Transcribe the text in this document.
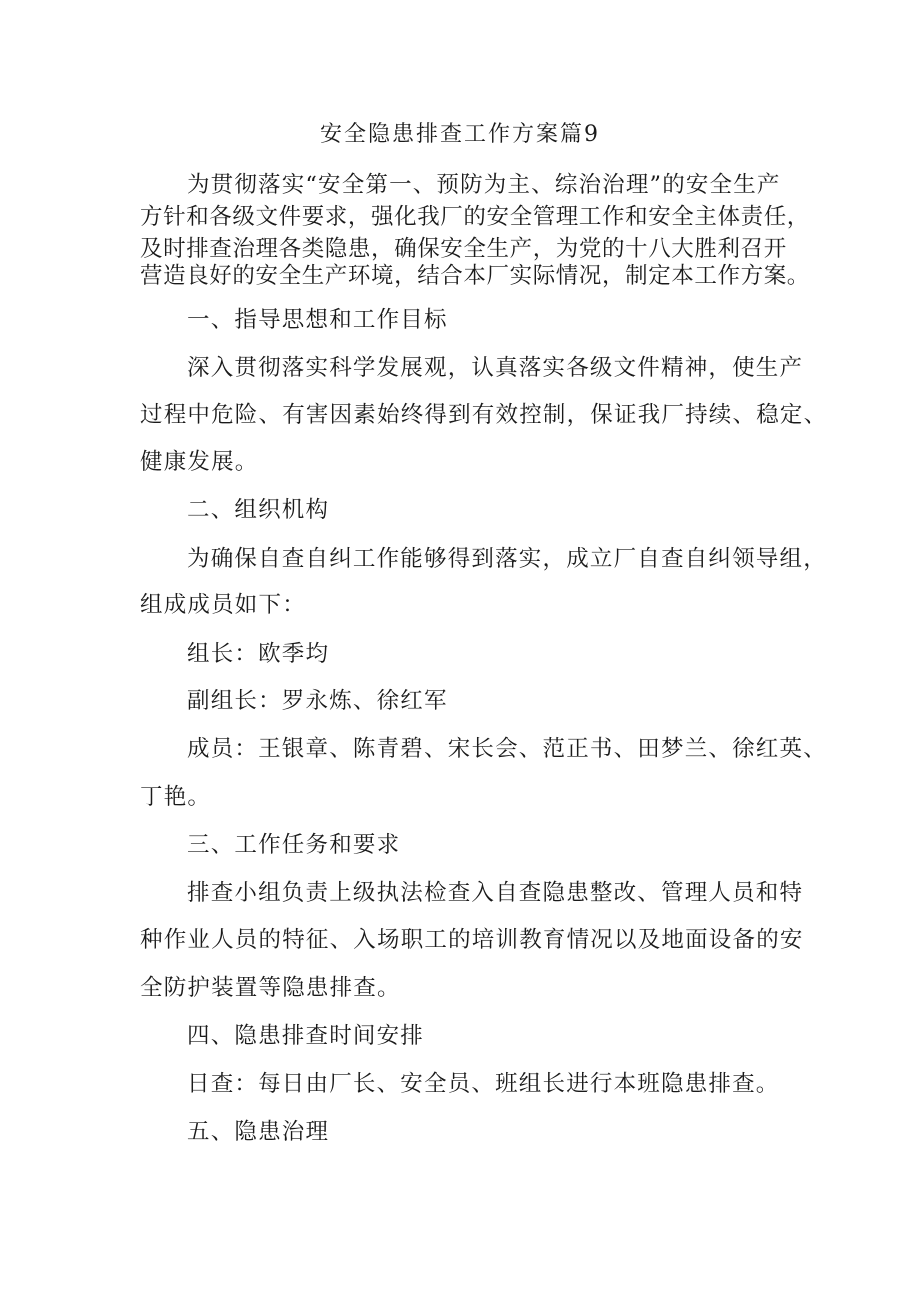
安全隐患排查工作方案篇9
为贯彻落实“安全第一、预防为主、综治治理”的安全生产
方针和各级文件要求，强化我厂的安全管理工作和安全主体责任，
及时排查治理各类隐患，确保安全生产，为党的十八大胜利召开
营造良好的安全生产环境，结合本厂实际情况，制定本工作方案。
一、指导思想和工作目标
深入贯彻落实科学发展观，认真落实各级文件精神，使生产
过程中危险、有害因素始终得到有效控制，保证我厂持续、稳定、
健康发展。
二、组织机构
为确保自查自纠工作能够得到落实，成立厂自查自纠领导组，
组成成员如下：
组长：欧季均
副组长：罗永炼、徐红军
成员：王银章、陈青碧、宋长会、范正书、田梦兰、徐红英、
丁艳。
三、工作任务和要求
排查小组负责上级执法检查入自查隐患整改、管理人员和特
种作业人员的特征、入场职工的培训教育情况以及地面设备的安
全防护装置等隐患排查。
四、隐患排查时间安排
日查：每日由厂长、安全员、班组长进行本班隐患排查。
五、隐患治理
